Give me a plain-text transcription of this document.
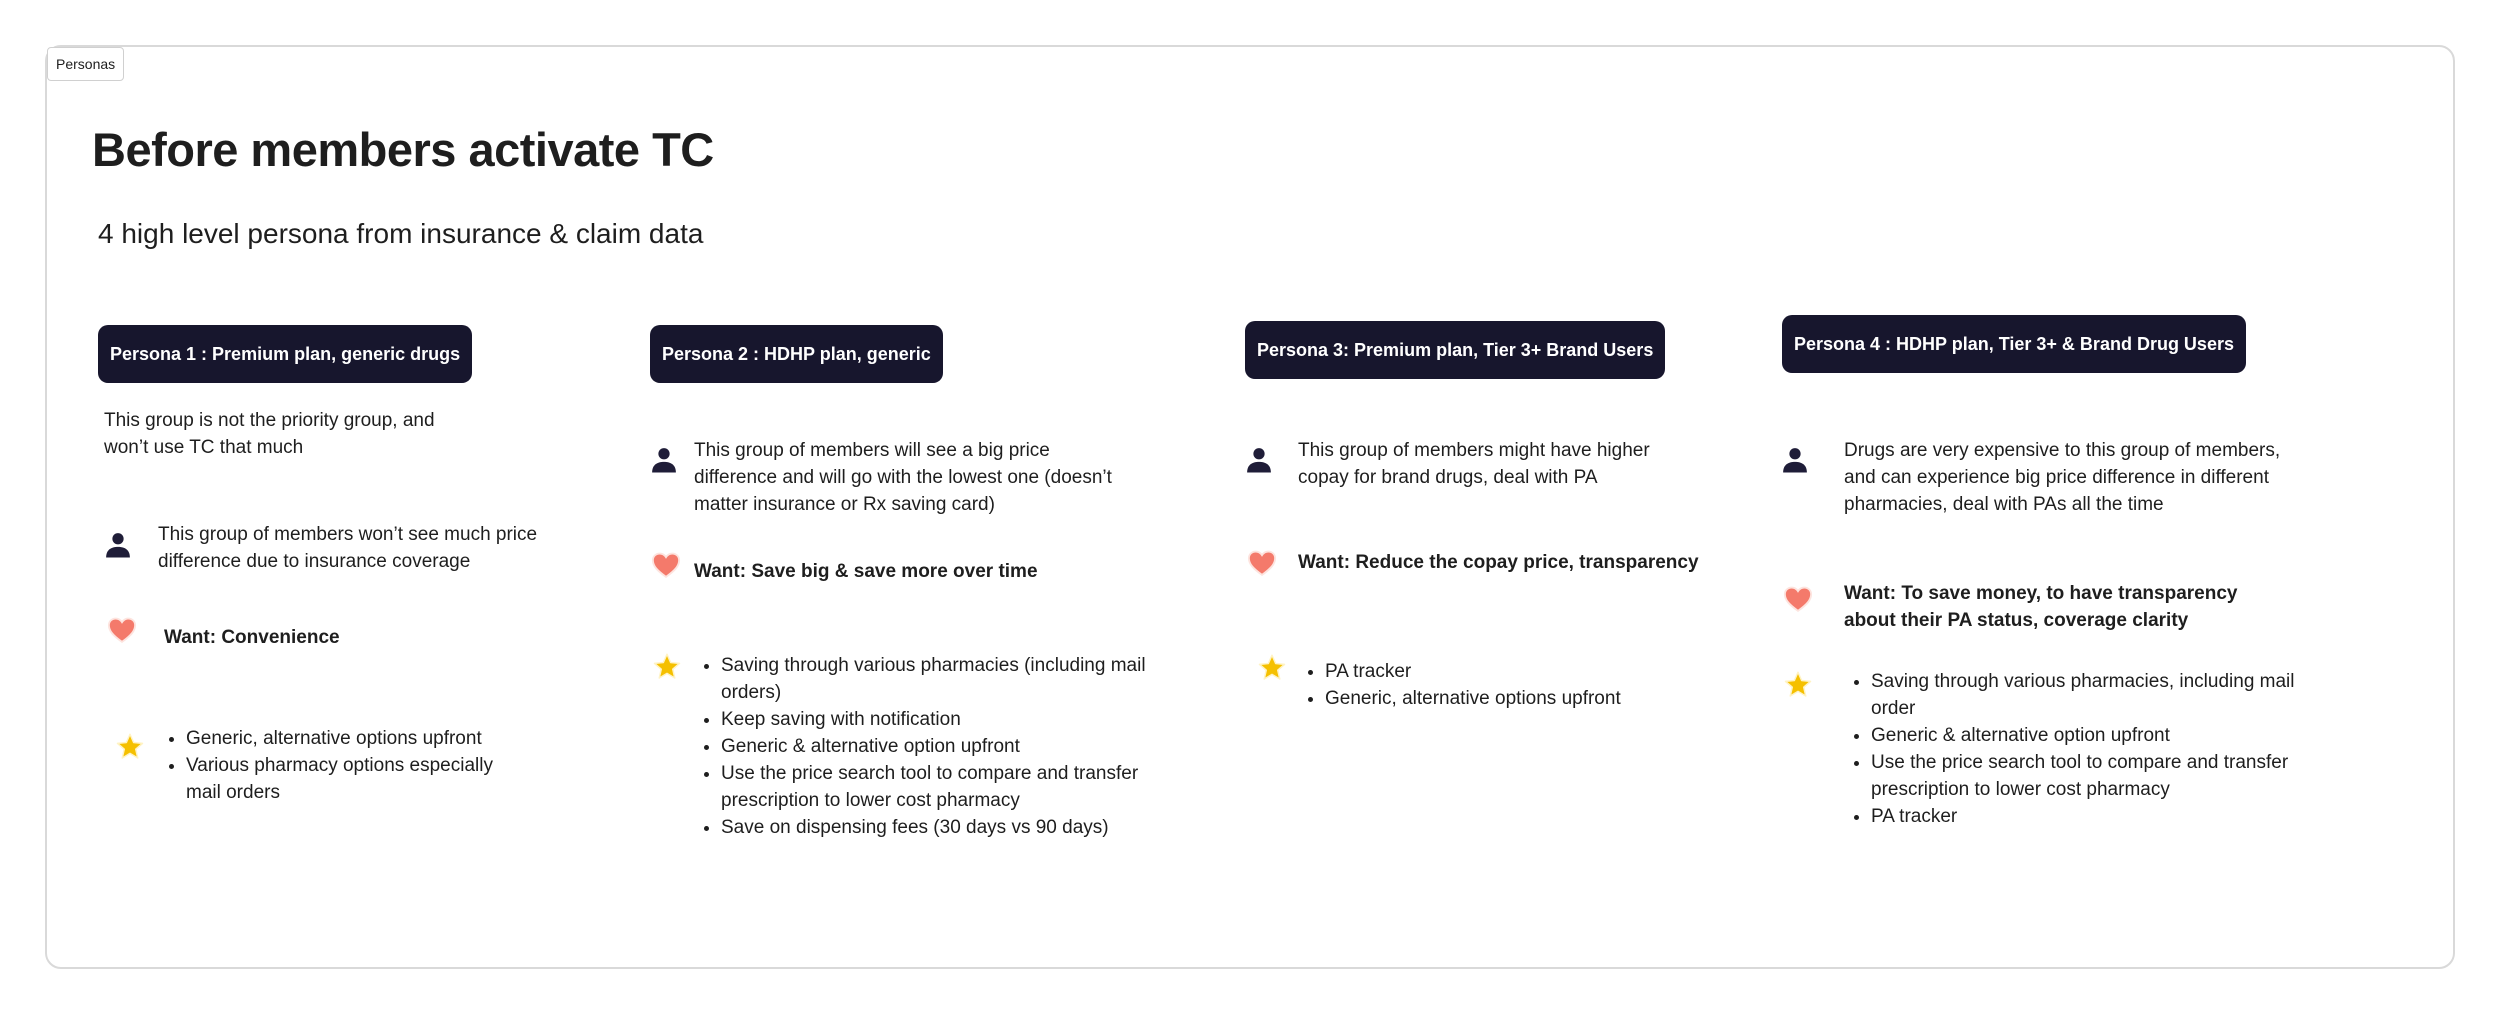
Personas
Before members activate TC
4 high level persona from insurance & claim data
Persona 1 : Premium plan, generic drugs
This group is not the priority group, and won’t use TC that much
This group of members won’t see much price difference due to insurance coverage
Want: Convenience
• Generic, alternative options upfront
• Various pharmacy options especially mail orders
Persona 2 : HDHP plan, generic
This group of members will see a big price difference and will go with the lowest one (doesn’t matter insurance or Rx saving card)
Want: Save big & save more over time
• Saving through various pharmacies (including mail orders)
• Keep saving with notification
• Generic & alternative option upfront
• Use the price search tool to compare and transfer prescription to lower cost pharmacy
• Save on dispensing fees (30 days vs 90 days)
Persona 3: Premium plan, Tier 3+ Brand Users
This group of members might have higher copay for brand drugs, deal with PA
Want: Reduce the copay price, transparency
• PA tracker
• Generic, alternative options upfront
Persona 4 : HDHP plan, Tier 3+ & Brand Drug Users
Drugs are very expensive to this group of members, and can experience big price difference in different pharmacies, deal with PAs all the time
Want: To save money, to have transparency about their PA status, coverage clarity
• Saving through various pharmacies, including mail order
• Generic & alternative option upfront
• Use the price search tool to compare and transfer prescription to lower cost pharmacy
• PA tracker
